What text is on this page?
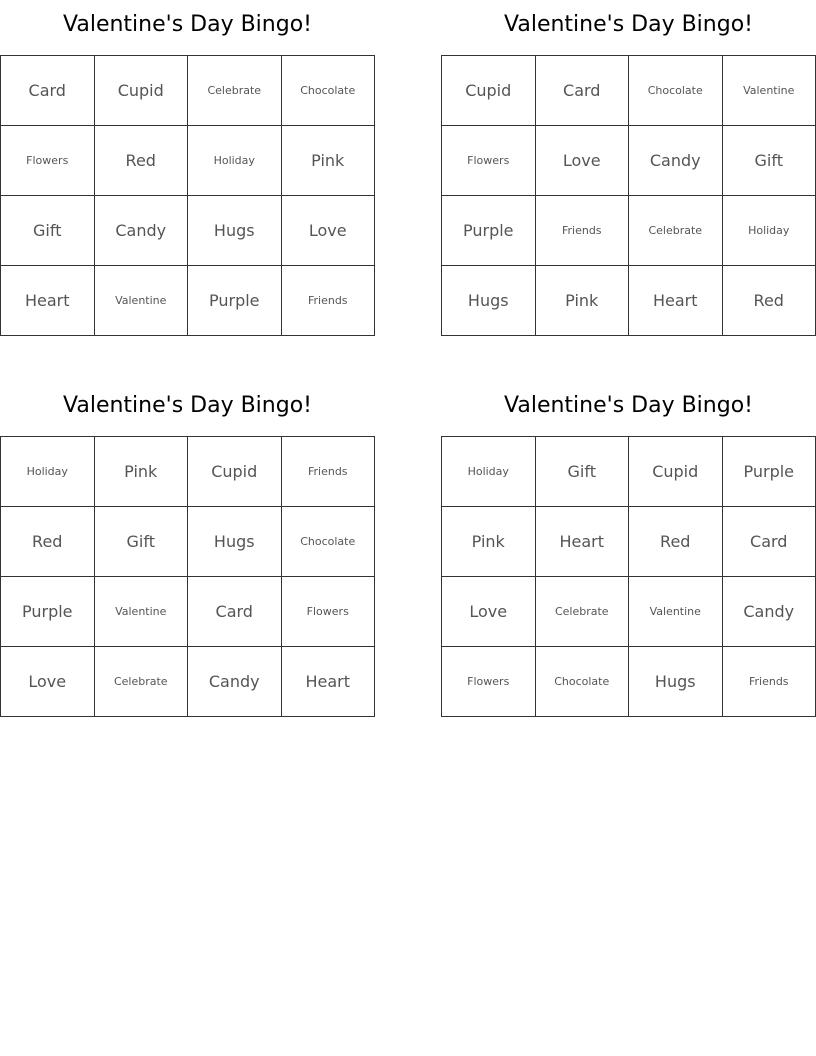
Valentine's Day Bingo!
Card	Cupid	Celebrate	Chocolate
Flowers	Red	Holiday	Pink
Gift	Candy	Hugs	Love
Heart	Valentine	Purple	Friends
Valentine's Day Bingo!
Cupid	Card	Chocolate	Valentine
Flowers	Love	Candy	Gift
Purple	Friends	Celebrate	Holiday
Hugs	Pink	Heart	Red
Valentine's Day Bingo!
Holiday	Pink	Cupid	Friends
Red	Gift	Hugs	Chocolate
Purple	Valentine	Card	Flowers
Love	Celebrate	Candy	Heart
Valentine's Day Bingo!
Holiday	Gift	Cupid	Purple
Pink	Heart	Red	Card
Love	Celebrate	Valentine	Candy
Flowers	Chocolate	Hugs	Friends
